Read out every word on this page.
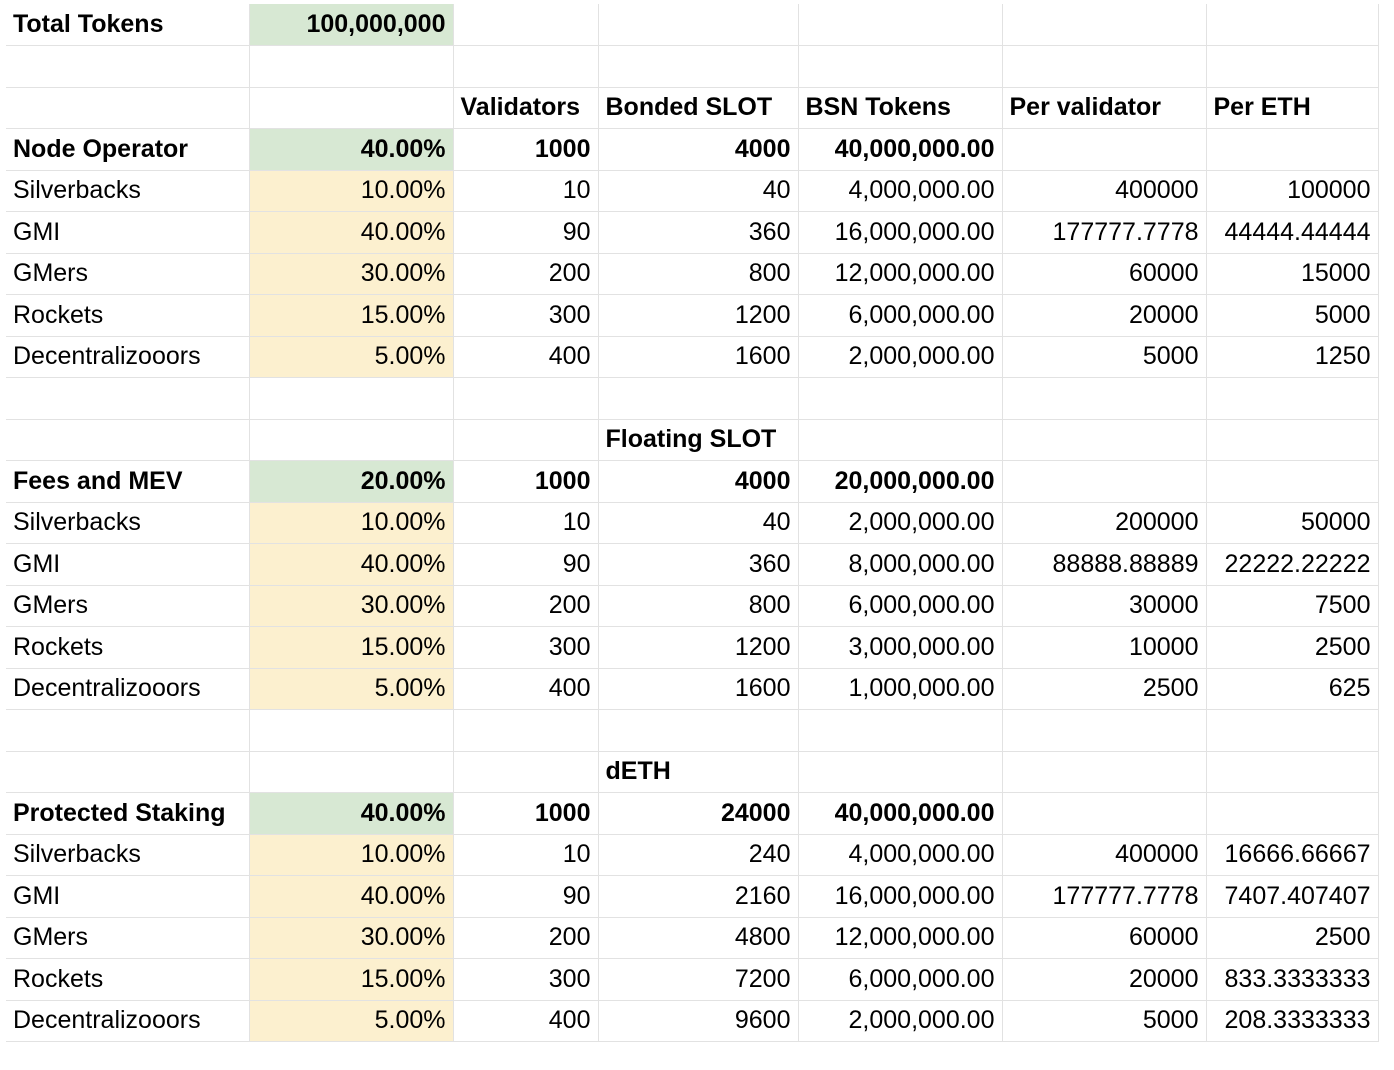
Total Tokens	100,000,000					

		Validators	Bonded SLOT	BSN Tokens	Per validator	Per ETH
Node Operator	40.00%	1000	4000	40,000,000.00		
Silverbacks	10.00%	10	40	4,000,000.00	400000	100000
GMI	40.00%	90	360	16,000,000.00	177777.7778	44444.44444
GMers	30.00%	200	800	12,000,000.00	60000	15000
Rockets	15.00%	300	1200	6,000,000.00	20000	5000
Decentralizooors	5.00%	400	1600	2,000,000.00	5000	1250

			Floating SLOT			
Fees and MEV	20.00%	1000	4000	20,000,000.00		
Silverbacks	10.00%	10	40	2,000,000.00	200000	50000
GMI	40.00%	90	360	8,000,000.00	88888.88889	22222.22222
GMers	30.00%	200	800	6,000,000.00	30000	7500
Rockets	15.00%	300	1200	3,000,000.00	10000	2500
Decentralizooors	5.00%	400	1600	1,000,000.00	2500	625

			dETH			
Protected Staking	40.00%	1000	24000	40,000,000.00		
Silverbacks	10.00%	10	240	4,000,000.00	400000	16666.66667
GMI	40.00%	90	2160	16,000,000.00	177777.7778	7407.407407
GMers	30.00%	200	4800	12,000,000.00	60000	2500
Rockets	15.00%	300	7200	6,000,000.00	20000	833.3333333
Decentralizooors	5.00%	400	9600	2,000,000.00	5000	208.3333333
